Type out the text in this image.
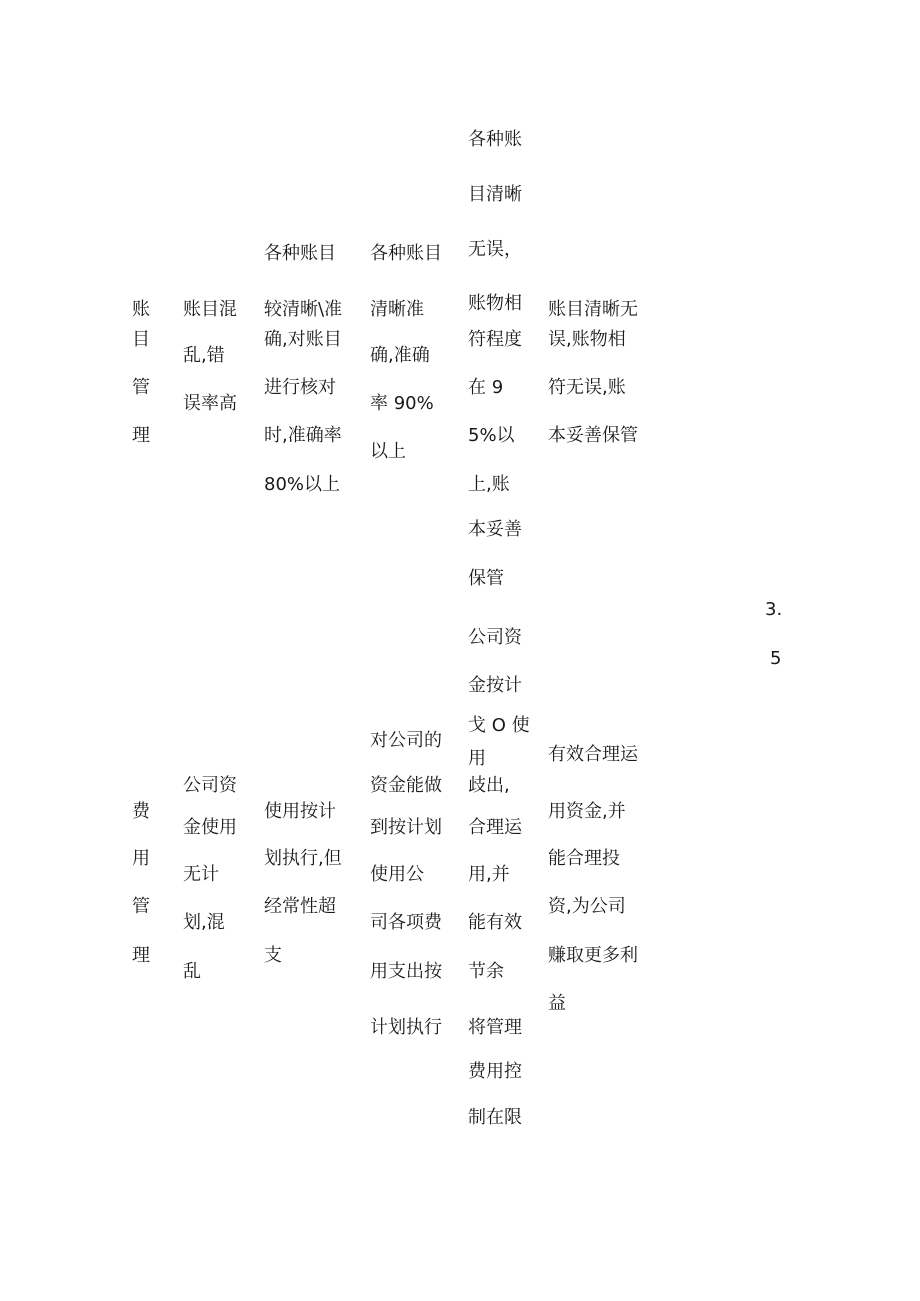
账
目
管
理
账目混
乱,错
误率高
各种账目
较清晰\准
确,对账目
进行核对
时,准确率
80%以上
各种账目
清晰准
确,准确
率 90%
以上
各种账
目清晰
无误，
账物相
符程度
在 9
5%以
上,账
本妥善
保管
账目清晰无
误,账物相
符无误,账
本妥善保管
费
用
管
理
公司资
金使用
无计
划,混
乱
使用按计
划执行,但
经常性超
支
对公司的
资金能做
到按计划
使用公
司各项费
用支出按
计划执行
公司资
金按计
戈 O 使
用
歧出,
合理运
用,并
能有效
节余
将管理
费用控
制在限
有效合理运
用资金,并
能合理投
资,为公司
赚取更多利
益
3.
5
